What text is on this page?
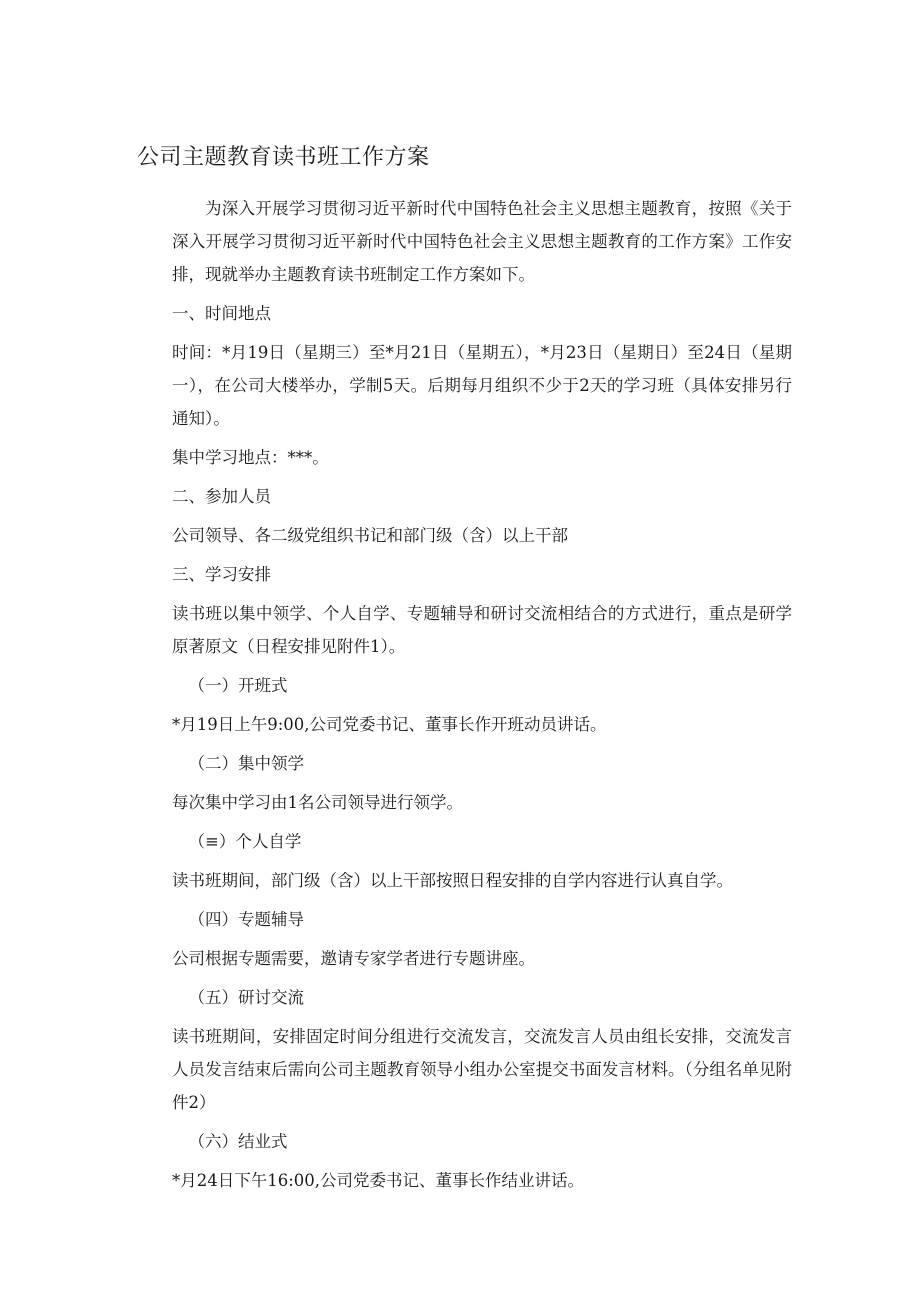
公司主题教育读书班工作方案

为深入开展学习贯彻习近平新时代中国特色社会主义思想主题教育，按照《关于深入开展学习贯彻习近平新时代中国特色社会主义思想主题教育的工作方案》工作安排，现就举办主题教育读书班制定工作方案如下。

一、时间地点

时间：*月19日（星期三）至*月21日（星期五），*月23日（星期日）至24日（星期一），在公司大楼举办，学制5天。后期每月组织不少于2天的学习班（具体安排另行通知）。

集中学习地点：***。

二、参加人员

公司领导、各二级党组织书记和部门级（含）以上干部

三、学习安排

读书班以集中领学、个人自学、专题辅导和研讨交流相结合的方式进行，重点是研学原著原文（日程安排见附件1）。

（一）开班式

*月19日上午9:00,公司党委书记、董事长作开班动员讲话。

（二）集中领学

每次集中学习由1名公司领导进行领学。

（≡）个人自学

读书班期间，部门级（含）以上干部按照日程安排的自学内容进行认真自学。

（四）专题辅导

公司根据专题需要，邀请专家学者进行专题讲座。

（五）研讨交流

读书班期间，安排固定时间分组进行交流发言，交流发言人员由组长安排，交流发言人员发言结束后需向公司主题教育领导小组办公室提交书面发言材料。（分组名单见附件2）

（六）结业式

*月24日下午16:00,公司党委书记、董事长作结业讲话。
